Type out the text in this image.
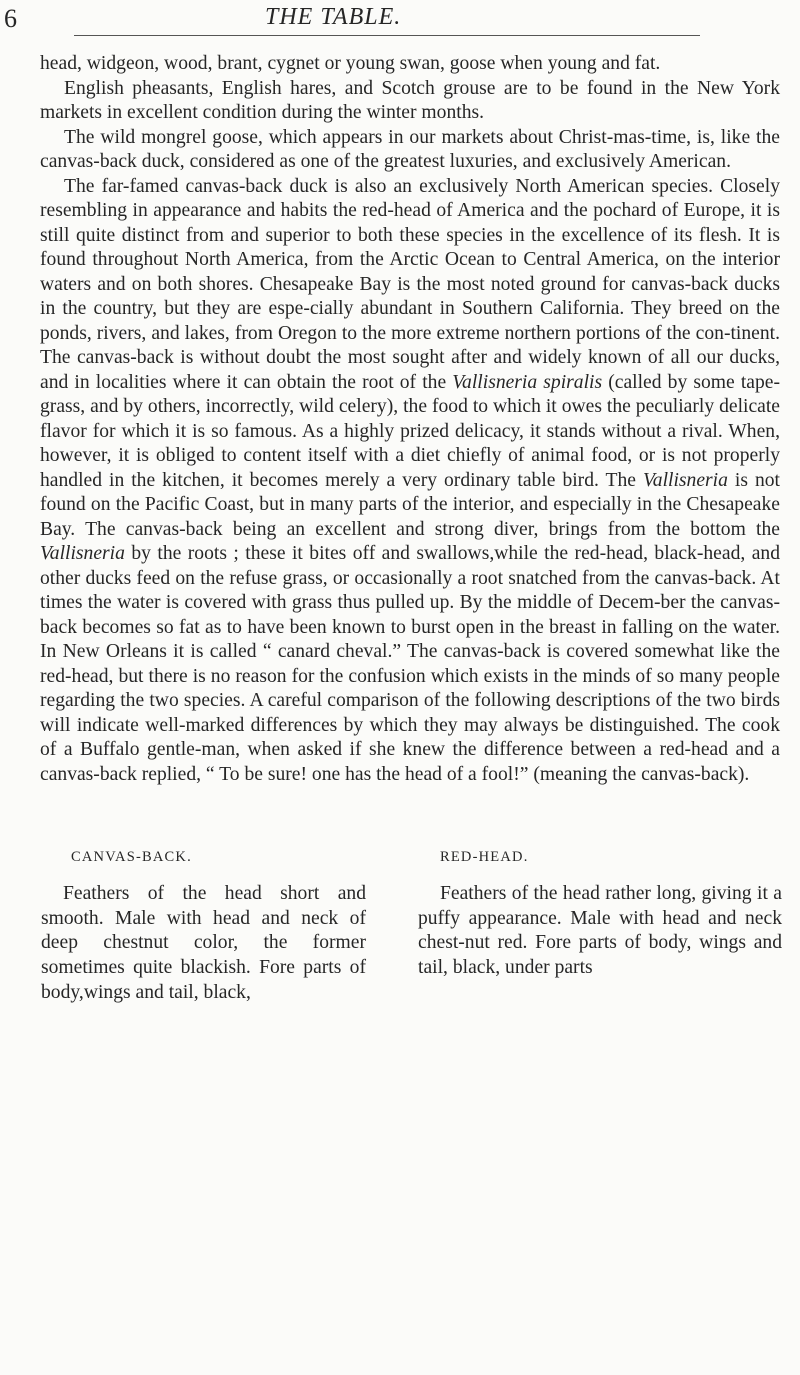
6	THE TABLE.

head, widgeon, wood, brant, cygnet or young swan, goose when young and fat.

English pheasants, English hares, and Scotch grouse are to be found in the New York markets in excellent condition during the winter months.

The wild mongrel goose, which appears in our markets about Christ-mas-time, is, like the canvas-back duck, considered as one of the greatest luxuries, and exclusively American.

The far-famed canvas-back duck is also an exclusively North American species. Closely resembling in appearance and habits the red-head of America and the pochard of Europe, it is still quite distinct from and superior to both these species in the excellence of its flesh. It is found throughout North America, from the Arctic Ocean to Central America, on the interior waters and on both shores. Chesapeake Bay is the most noted ground for canvas-back ducks in the country, but they are espe-cially abundant in Southern California. They breed on the ponds, rivers, and lakes, from Oregon to the more extreme northern portions of the con-tinent. The canvas-back is without doubt the most sought after and widely known of all our ducks, and in localities where it can obtain the root of the Vallisneria spiralis (called by some tape-grass, and by others, incorrectly, wild celery), the food to which it owes the peculiarly delicate flavor for which it is so famous. As a highly prized delicacy, it stands without a rival. When, however, it is obliged to content itself with a diet chiefly of animal food, or is not properly handled in the kitchen, it becomes merely a very ordinary table bird. The Vallisneria is not found on the Pacific Coast, but in many parts of the interior, and especially in the Chesapeake Bay. The canvas-back being an excellent and strong diver, brings from the bottom the Vallisneria by the roots ; these it bites off and swallows,while the red-head, black-head, and other ducks feed on the refuse grass, or occasionally a root snatched from the canvas-back. At times the water is covered with grass thus pulled up. By the middle of Decem-ber the canvas-back becomes so fat as to have been known to burst open in the breast in falling on the water. In New Orleans it is called “ canard cheval.” The canvas-back is covered somewhat like the red-head, but there is no reason for the confusion which exists in the minds of so many people regarding the two species. A careful comparison of the following descriptions of the two birds will indicate well-marked differences by which they may always be distinguished. The cook of a Buffalo gentle-man, when asked if she knew the difference between a red-head and a canvas-back replied, “ To be sure! one has the head of a fool!” (meaning the canvas-back).

CANVAS-BACK.	RED-HEAD.

Feathers of the head short and smooth. Male with head and neck of deep chestnut color, the former sometimes quite blackish. Fore parts of body,wings and tail, black,

Feathers of the head rather long, giving it a puffy appearance. Male with head and neck chest-nut red. Fore parts of body, wings and tail, black, under parts
